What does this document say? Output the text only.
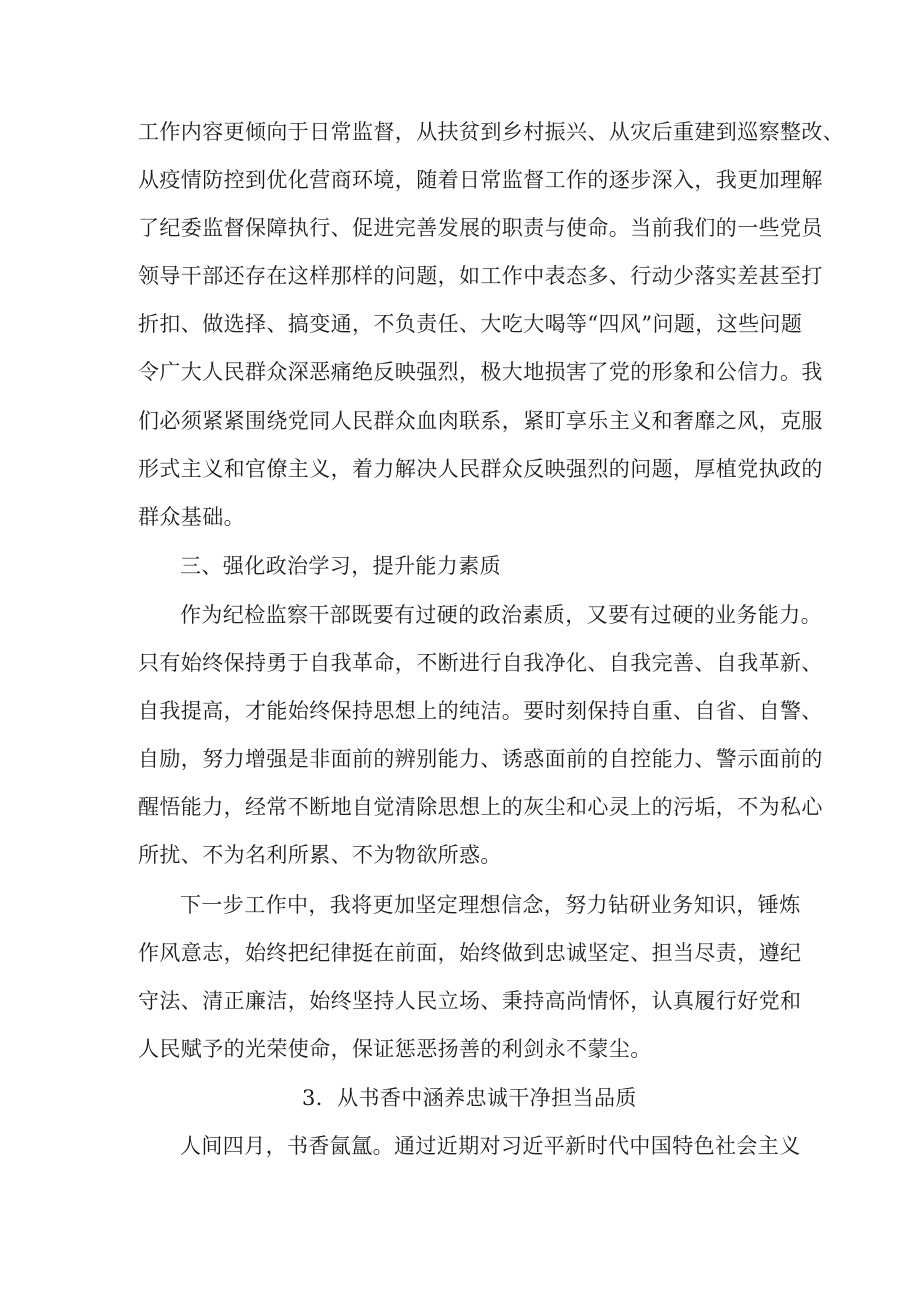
工作内容更倾向于日常监督，从扶贫到乡村振兴、从灾后重建到巡察整改、
从疫情防控到优化营商环境，随着日常监督工作的逐步深入，我更加理解
了纪委监督保障执行、促进完善发展的职责与使命。当前我们的一些党员
领导干部还存在这样那样的问题，如工作中表态多、行动少落实差甚至打
折扣、做选择、搞变通，不负责任、大吃大喝等“四风”问题，这些问题
令广大人民群众深恶痛绝反映强烈，极大地损害了党的形象和公信力。我
们必须紧紧围绕党同人民群众血肉联系，紧盯享乐主义和奢靡之风，克服
形式主义和官僚主义，着力解决人民群众反映强烈的问题，厚植党执政的
群众基础。
三、强化政治学习，提升能力素质
作为纪检监察干部既要有过硬的政治素质，又要有过硬的业务能力。
只有始终保持勇于自我革命，不断进行自我净化、自我完善、自我革新、
自我提高，才能始终保持思想上的纯洁。要时刻保持自重、自省、自警、
自励，努力增强是非面前的辨别能力、诱惑面前的自控能力、警示面前的
醒悟能力，经常不断地自觉清除思想上的灰尘和心灵上的污垢，不为私心
所扰、不为名利所累、不为物欲所惑。
下一步工作中，我将更加坚定理想信念，努力钻研业务知识，锤炼
作风意志，始终把纪律挺在前面，始终做到忠诚坚定、担当尽责，遵纪
守法、清正廉洁，始终坚持人民立场、秉持高尚情怀，认真履行好党和
人民赋予的光荣使命，保证惩恶扬善的利剑永不蒙尘。
3．从书香中涵养忠诚干净担当品质
人间四月，书香氤氲。通过近期对习近平新时代中国特色社会主义
